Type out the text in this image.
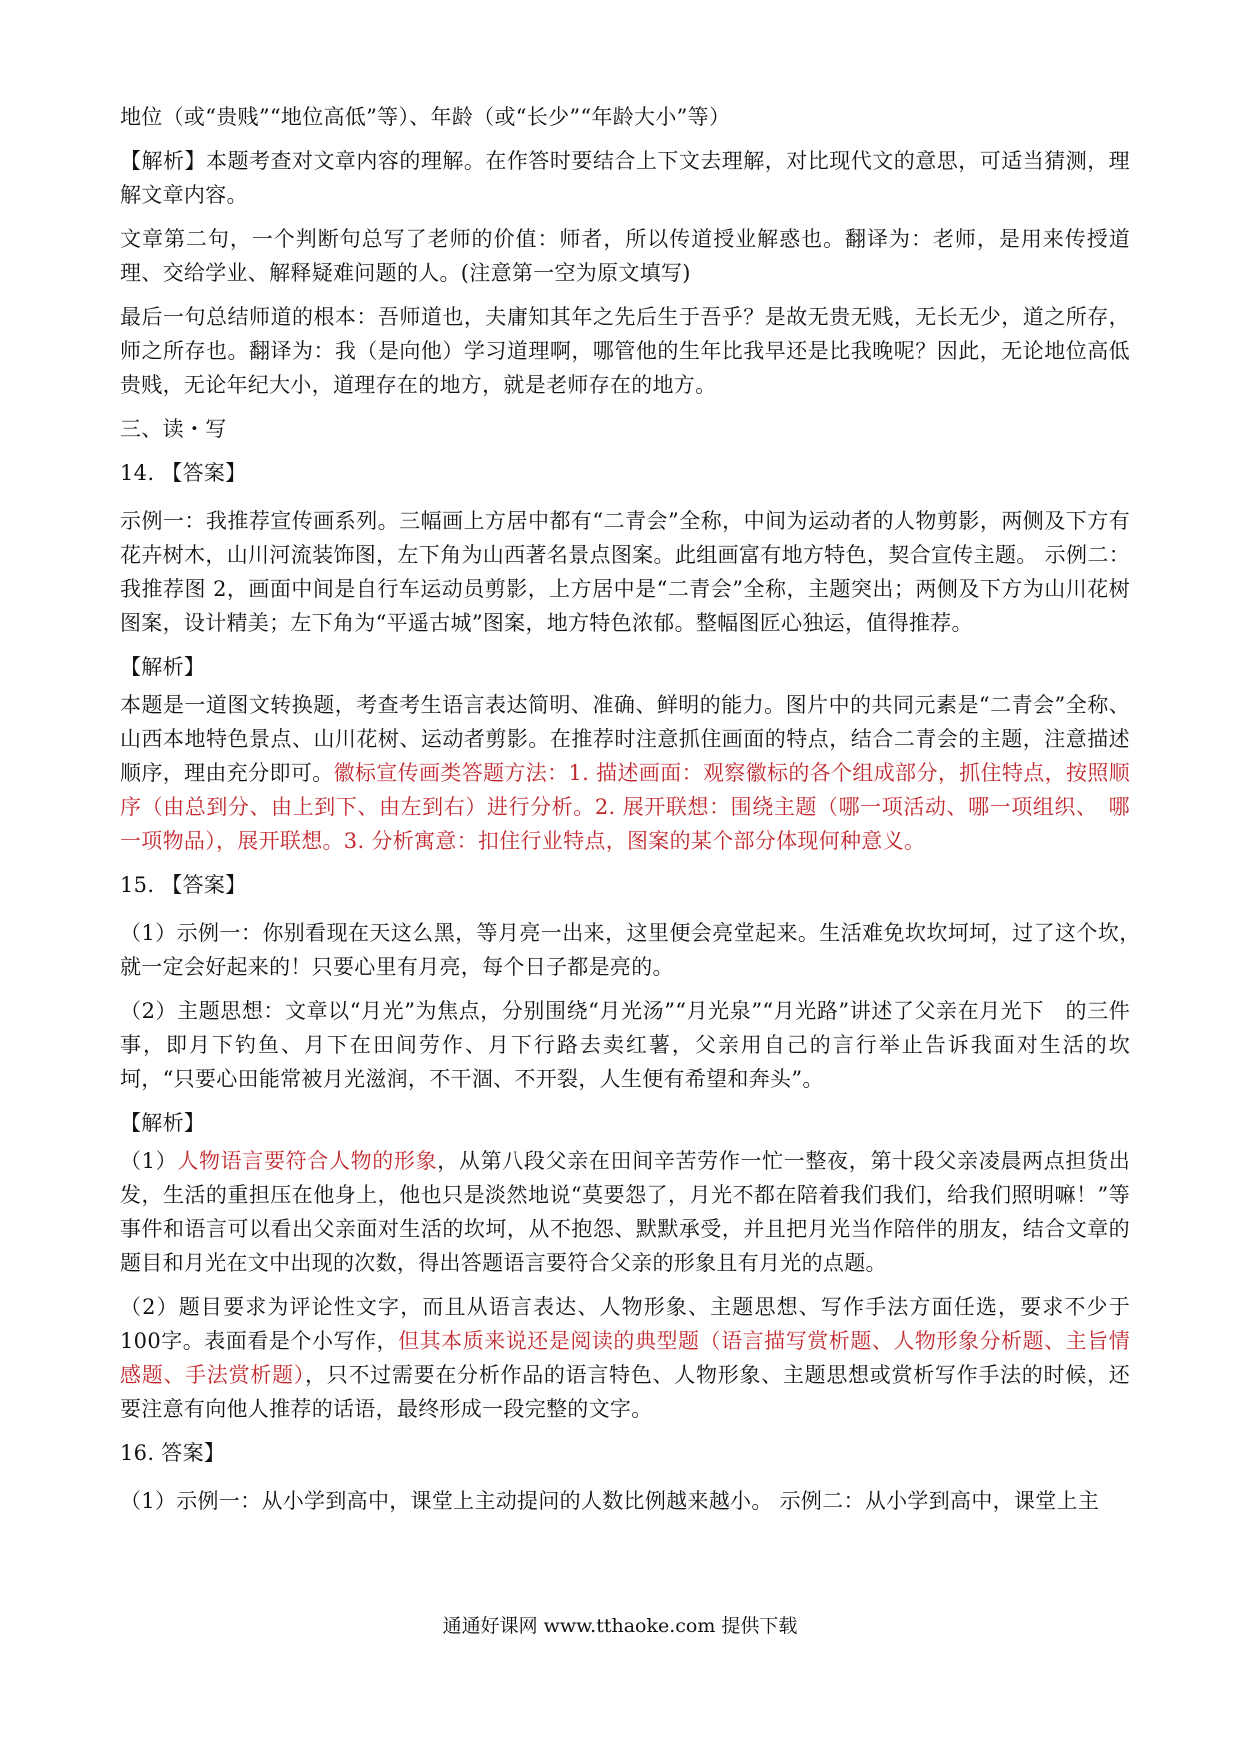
地位（或“贵贱”“地位高低”等）、年龄（或“长少”“年龄大小”等）

【解析】本题考查对文章内容的理解。在作答时要结合上下文去理解，对比现代文的意思，可适当猜测，理解文章内容。

文章第二句，一个判断句总写了老师的价值：师者，所以传道授业解惑也。翻译为：老师，是用来传授道理、交给学业、解释疑难问题的人。(注意第一空为原文填写)

最后一句总结师道的根本：吾师道也，夫庸知其年之先后生于吾乎？是故无贵无贱，无长无少，道之所存，师之所存也。翻译为：我（是向他）学习道理啊，哪管他的生年比我早还是比我晚呢？因此，无论地位高低贵贱，无论年纪大小，道理存在的地方，就是老师存在的地方。

三、读・写

14. 【答案】

示例一：我推荐宣传画系列。三幅画上方居中都有“二青会”全称，中间为运动者的人物剪影，两侧及下方有花卉树木，山川河流装饰图，左下角为山西著名景点图案。此组画富有地方特色，契合宣传主题。 示例二：我推荐图 2，画面中间是自行车运动员剪影，上方居中是“二青会”全称，主题突出；两侧及下方为山川花树图案，设计精美；左下角为“平遥古城”图案，地方特色浓郁。整幅图匠心独运，值得推荐。

【解析】

本题是一道图文转换题，考查考生语言表达简明、准确、鲜明的能力。图片中的共同元素是“二青会”全称、山西本地特色景点、山川花树、运动者剪影。在推荐时注意抓住画面的特点，结合二青会的主题，注意描述顺序，理由充分即可。徽标宣传画类答题方法：1. 描述画面：观察徽标的各个组成部分，抓住特点，按照顺序（由总到分、由上到下、由左到右）进行分析。2. 展开联想：围绕主题（哪一项活动、哪一项组织、　哪一项物品），展开联想。3. 分析寓意：扣住行业特点，图案的某个部分体现何种意义。

15. 【答案】

（1）示例一：你别看现在天这么黑，等月亮一出来，这里便会亮堂起来。生活难免坎坎坷坷，过了这个坎，　就一定会好起来的！只要心里有月亮，每个日子都是亮的。

（2）主题思想：文章以“月光”为焦点，分别围绕“月光汤”“月光泉”“月光路”讲述了父亲在月光下　的三件事，即月下钓鱼、月下在田间劳作、月下行路去卖红薯，父亲用自己的言行举止告诉我面对生活的坎坷，“只要心田能常被月光滋润，不干涸、不开裂，人生便有希望和奔头”。

【解析】

（1）人物语言要符合人物的形象，从第八段父亲在田间辛苦劳作一忙一整夜，第十段父亲凌晨两点担货出发，生活的重担压在他身上，他也只是淡然地说“莫要怨了，月光不都在陪着我们我们，给我们照明嘛！”等事件和语言可以看出父亲面对生活的坎坷，从不抱怨、默默承受，并且把月光当作陪伴的朋友，结合文章的题目和月光在文中出现的次数，得出答题语言要符合父亲的形象且有月光的点题。

（2）题目要求为评论性文字，而且从语言表达、人物形象、主题思想、写作手法方面任选，要求不少于 100字。表面看是个小写作，但其本质来说还是阅读的典型题（语言描写赏析题、人物形象分析题、主旨情感题、手法赏析题），只不过需要在分析作品的语言特色、人物形象、主题思想或赏析写作手法的时候，还要注意有向他人推荐的话语，最终形成一段完整的文字。

16. 答案】

（1）示例一：从小学到高中，课堂上主动提问的人数比例越来越小。 示例二：从小学到高中，课堂上主

通通好课网 www.tthaoke.com 提供下载
